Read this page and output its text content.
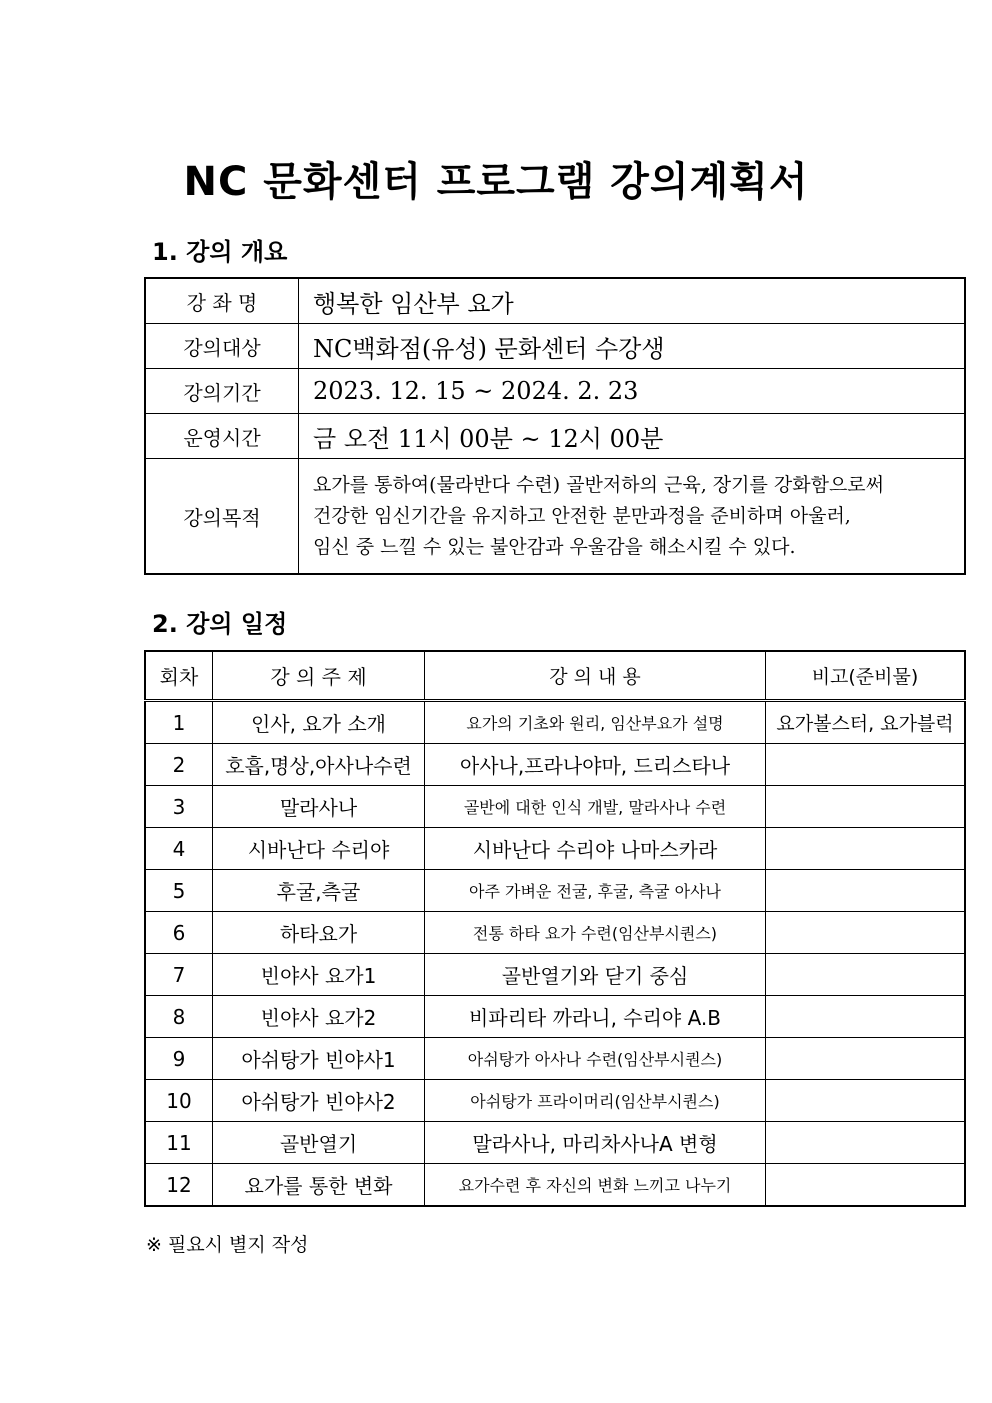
NC 문화센터 프로그램 강의계획서
1. 강의 개요
강 좌 명	행복한 임산부 요가
강의대상	NC백화점(유성) 문화센터 수강생
강의기간	2023. 12. 15 ~ 2024. 2. 23
운영시간	금 오전 11시 00분 ~ 12시 00분
강의목적	요가를 통하여(물라반다 수련) 골반저하의 근육, 장기를 강화함으로써
건강한 임신기간을 유지하고 안전한 분만과정을 준비하며 아울러,
임신 중 느낄 수 있는 불안감과 우울감을 해소시킬 수 있다.
2. 강의 일정
회차	강 의 주 제	강 의 내 용	비고(준비물)
1	인사, 요가 소개	요가의 기초와 원리, 임산부요가 설명	요가볼스터, 요가블럭
2	호흡,명상,아사나수련	아사나,프라나야마, 드리스타나	
3	말라사나	골반에 대한 인식 개발, 말라사나 수련	
4	시바난다 수리야	시바난다 수리야 나마스카라	
5	후굴,측굴	아주 가벼운 전굴, 후굴, 측굴 아사나	
6	하타요가	전통 하타 요가 수련(임산부시퀀스)	
7	빈야사 요가1	골반열기와 닫기 중심	
8	빈야사 요가2	비파리타 까라니, 수리야 A.B	
9	아쉬탕가 빈야사1	아쉬탕가 아사나 수련(임산부시퀀스)	
10	아쉬탕가 빈야사2	아쉬탕가 프라이머리(임산부시퀀스)	
11	골반열기	말라사나, 마리차사나A 변형	
12	요가를 통한 변화	요가수련 후 자신의 변화 느끼고 나누기	
※ 필요시 별지 작성
